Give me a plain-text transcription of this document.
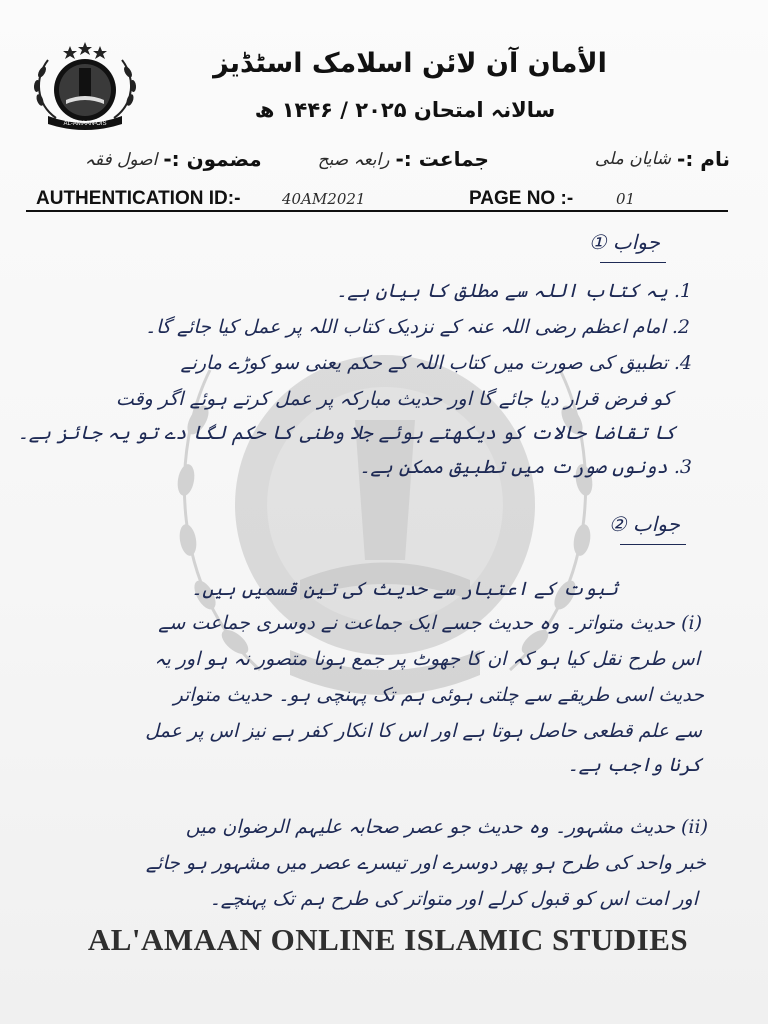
AL-AMAAN-OIS
الأمان آن لائن اسلامک اسٹڈیز
سالانہ امتحان ۲۰۲۵ / ۱۴۴۶ ھ
نام :-
شایان ملی
جماعت :-
رابعہ صبح
مضمون :-
اصول فقہ
AUTHENTICATION ID:-	40AM2021	PAGE NO :-	01
جواب ①
1. یہ کتاب اللہ سے مطلق کا بیان ہے۔
2. امام اعظم رضی اللہ عنہ کے نزدیک کتاب اللہ پر عمل کیا جائے گا۔
4. تطبیق کی صورت میں کتاب اللہ کے حکم یعنی سو کوڑے مارنے
کو فرض قرار دیا جائے گا اور حدیث مبارکہ پر عمل کرتے ہوئے اگر وقت
کا تقاضا حالات کو دیکھتے ہوئے جلا وطنی کا حکم لگا دے تو یہ جائز ہے۔
3. دونوں صورت میں تطبیق ممکن ہے۔
جواب ②
ثبوت کے اعتبار سے حدیث کی تین قسمیں ہیں۔
(i) حدیث متواتر۔ وہ حدیث جسے ایک جماعت نے دوسری جماعت سے
اس طرح نقل کیا ہو کہ ان کا جھوٹ پر جمع ہونا متصور نہ ہو اور یہ
حدیث اسی طریقے سے چلتی ہوئی ہم تک پہنچی ہو۔ حدیث متواتر
سے علم قطعی حاصل ہوتا ہے اور اس کا انکار کفر ہے نیز اس پر عمل
کرنا واجب ہے۔
(ii) حدیث مشہور۔ وہ حدیث جو عصر صحابہ علیہم الرضوان میں
خبر واحد کی طرح ہو پھر دوسرے اور تیسرے عصر میں مشہور ہو جائے
اور امت اس کو قبول کرلے اور متواتر کی طرح ہم تک پہنچے۔
AL'AMAAN ONLINE ISLAMIC STUDIES
